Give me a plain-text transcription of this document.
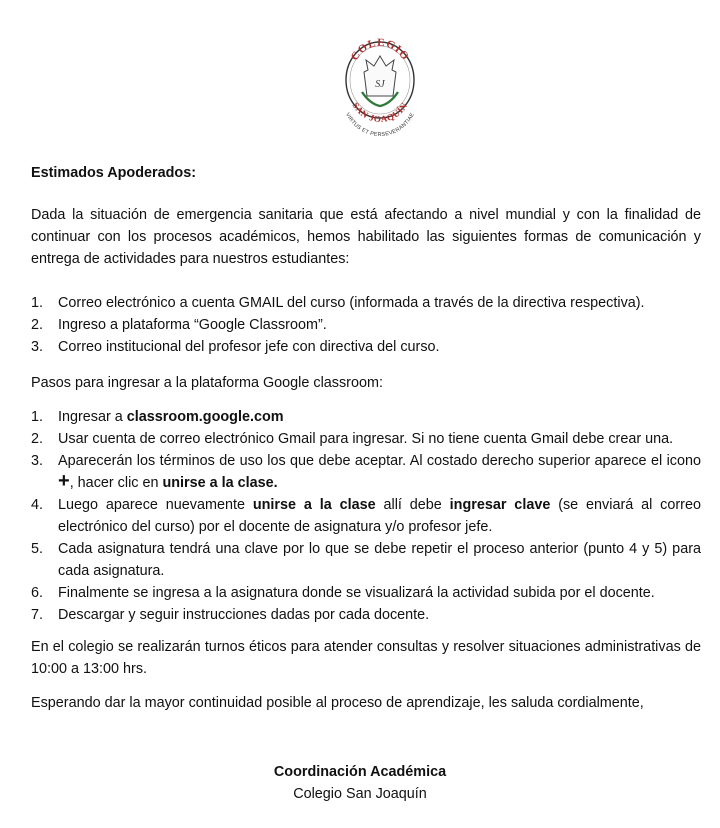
COLEGIO
SAN JOAQUÍN
VIRTUS ET PERSEVERANTIAE
SJ
Estimados Apoderados:
Dada la situación de emergencia sanitaria que está afectando a nivel mundial y con la finalidad de continuar con los procesos académicos, hemos habilitado las siguientes formas de comunicación y entrega de actividades para nuestros estudiantes:
1. Correo electrónico a cuenta GMAIL del curso (informada a través de la directiva respectiva).
2. Ingreso a plataforma “Google Classroom”.
3. Correo institucional del profesor jefe con directiva del curso.
Pasos para ingresar a la plataforma Google classroom:
1. Ingresar a classroom.google.com
2. Usar cuenta de correo electrónico Gmail para ingresar. Si no tiene cuenta Gmail debe crear una.
3. Aparecerán los términos de uso los que debe aceptar. Al costado derecho superior aparece el icono +, hacer clic en unirse a la clase.
4. Luego aparece nuevamente unirse a la clase allí debe ingresar clave (se enviará al correo electrónico del curso) por el docente de asignatura y/o profesor jefe.
5. Cada asignatura tendrá una clave por lo que se debe repetir el proceso anterior (punto 4 y 5) para cada asignatura.
6. Finalmente se ingresa a la asignatura donde se visualizará la actividad subida por el docente.
7. Descargar y seguir instrucciones dadas por cada docente.
En el colegio se realizarán turnos éticos para atender consultas y resolver situaciones administrativas de 10:00 a 13:00 hrs.
Esperando dar la mayor continuidad posible al proceso de aprendizaje, les saluda cordialmente,
Coordinación Académica
Colegio San Joaquín
